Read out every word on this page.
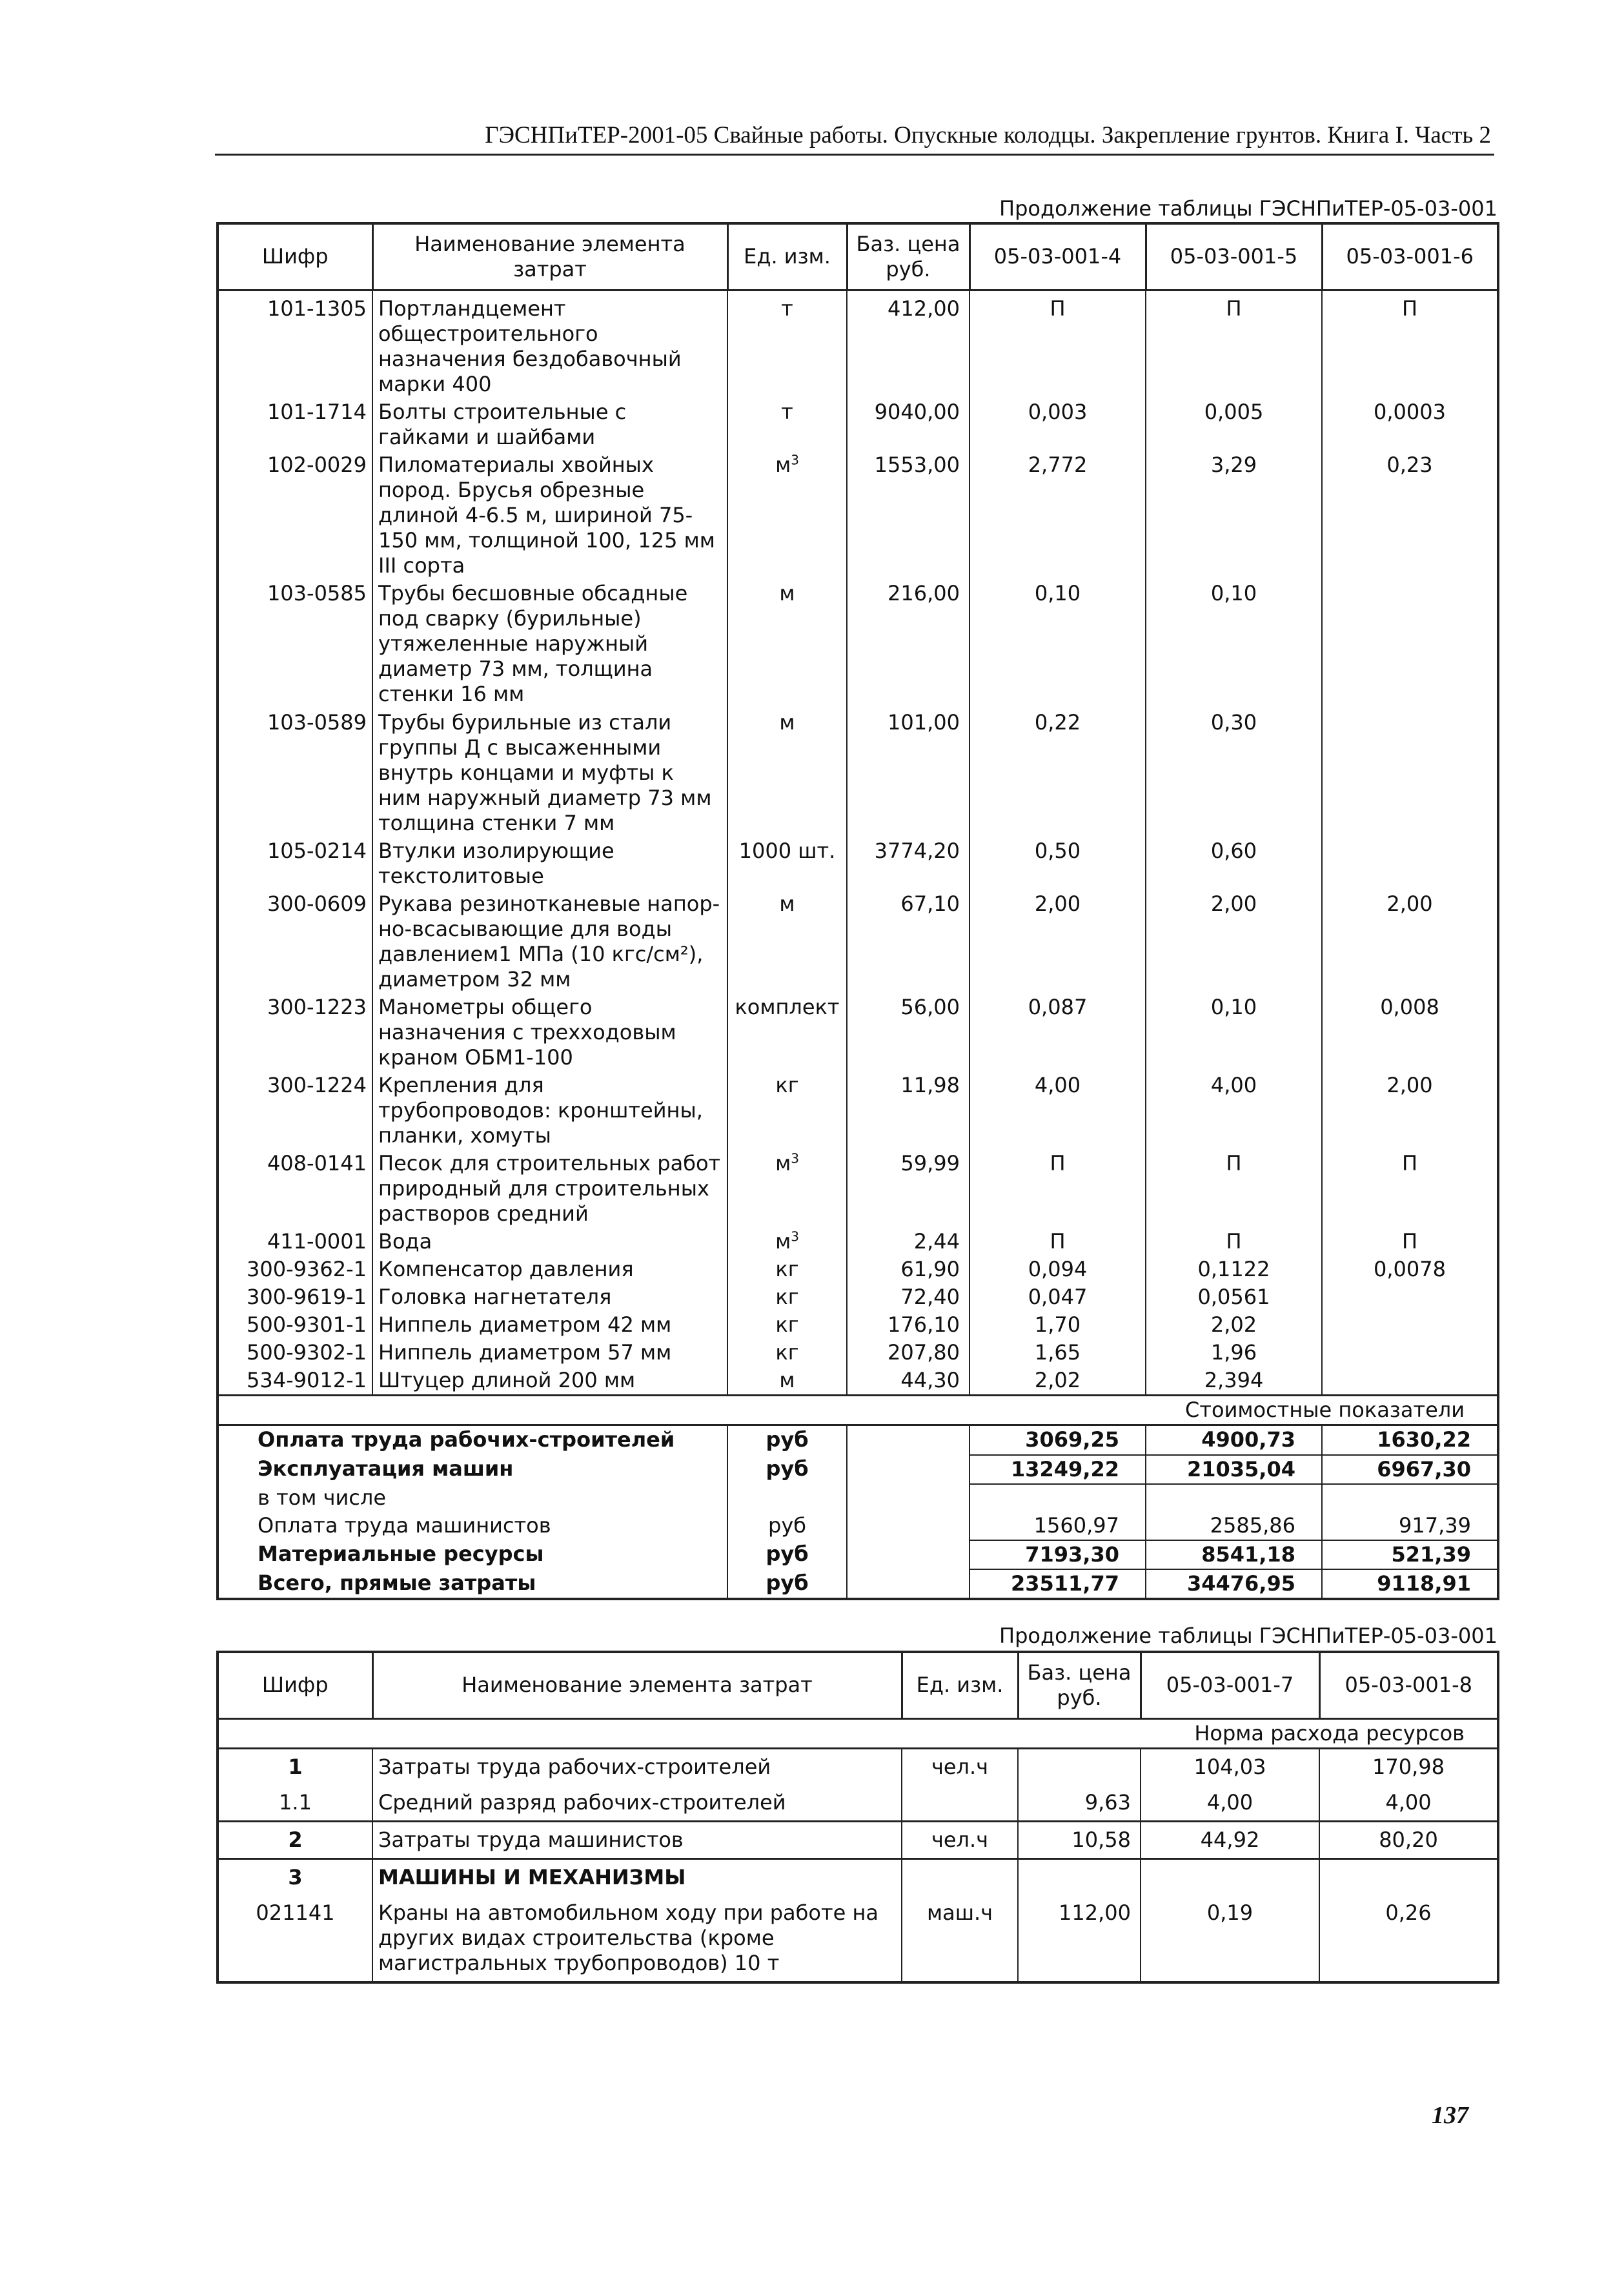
ГЭСНПиТЕР-2001-05 Свайные работы. Опускные колодцы. Закрепление грунтов. Книга I. Часть 2
Продолжение таблицы ГЭСНПиТЕР-05-03-001
Шифр	Наименование элемента затрат	Ед. изм.	Баз. цена руб.	05-03-001-4	05-03-001-5	05-03-001-6
101-1305	Портландцемент общестроительного назначения бездобавочный марки 400	т	412,00	П	П	П
101-1714	Болты строительные с гайками и шайбами	т	9040,00	0,003	0,005	0,0003
102-0029	Пиломатериалы хвойных пород. Брусья обрезные длиной 4-6.5 м, шириной 75-150 мм, толщиной 100, 125 мм III сорта	$м^3$	1553,00	2,772	3,29	0,23
103-0585	Трубы бесшовные обсадные под сварку (бурильные) утяжеленные наружный диаметр 73 мм, толщина стенки 16 мм	м	216,00	0,10	0,10	
103-0589	Трубы бурильные из стали группы Д с высаженными внутрь концами и муфты к ним наружный диаметр 73 мм толщина стенки 7 мм	м	101,00	0,22	0,30	
105-0214	Втулки изолирующие текстолитовые	1000 шт.	3774,20	0,50	0,60	
300-0609	Рукава резинотканевые напор-но-всасывающие для воды давлением1 МПа (10 кгс/см²), диаметром 32 мм	м	67,10	2,00	2,00	2,00
300-1223	Манометры общего назначения с трехходовым краном ОБМ1-100	комплект	56,00	0,087	0,10	0,008
300-1224	Крепления для трубопроводов: кронштейны, планки, хомуты	кг	11,98	4,00	4,00	2,00
408-0141	Песок для строительных работ природный для строительных растворов средний	$м^3$	59,99	П	П	П
411-0001	Вода	$м^3$	2,44	П	П	П
300-9362-1	Компенсатор давления	кг	61,90	0,094	0,1122	0,0078
300-9619-1	Головка нагнетателя	кг	72,40	0,047	0,0561	
500-9301-1	Ниппель диаметром 42 мм	кг	176,10	1,70	2,02	
500-9302-1	Ниппель диаметром 57 мм	кг	207,80	1,65	1,96	
534-9012-1	Штуцер длиной 200 мм	м	44,30	2,02	2,394	
Стоимостные показатели						
Оплата труда рабочих-строителей		руб		3069,25	4900,73	1630,22
Эксплуатация машин		руб		13249,22	21035,04	6967,30
в том числе						
Оплата труда машинистов		руб		1560,97	2585,86	917,39
Материальные ресурсы		руб		7193,30	8541,18	521,39
Всего, прямые затраты		руб		23511,77	34476,95	9118,91
Продолжение таблицы ГЭСНПиТЕР-05-03-001
Шифр	Наименование элемента затрат	Ед. изм.	Баз. цена руб.	05-03-001-7	05-03-001-8
Норма расхода ресурсов					
1	Затраты труда рабочих-строителей	чел.ч		104,03	170,98
1.1	Средний разряд рабочих-строителей		9,63	4,00	4,00
2	Затраты труда машинистов	чел.ч	10,58	44,92	80,20
3	МАШИНЫ И МЕХАНИЗМЫ				
021141	Краны на автомобильном ходу при работе на других видах строительства (кроме магистральных трубопроводов) 10 т	маш.ч	112,00	0,19	0,26
137
